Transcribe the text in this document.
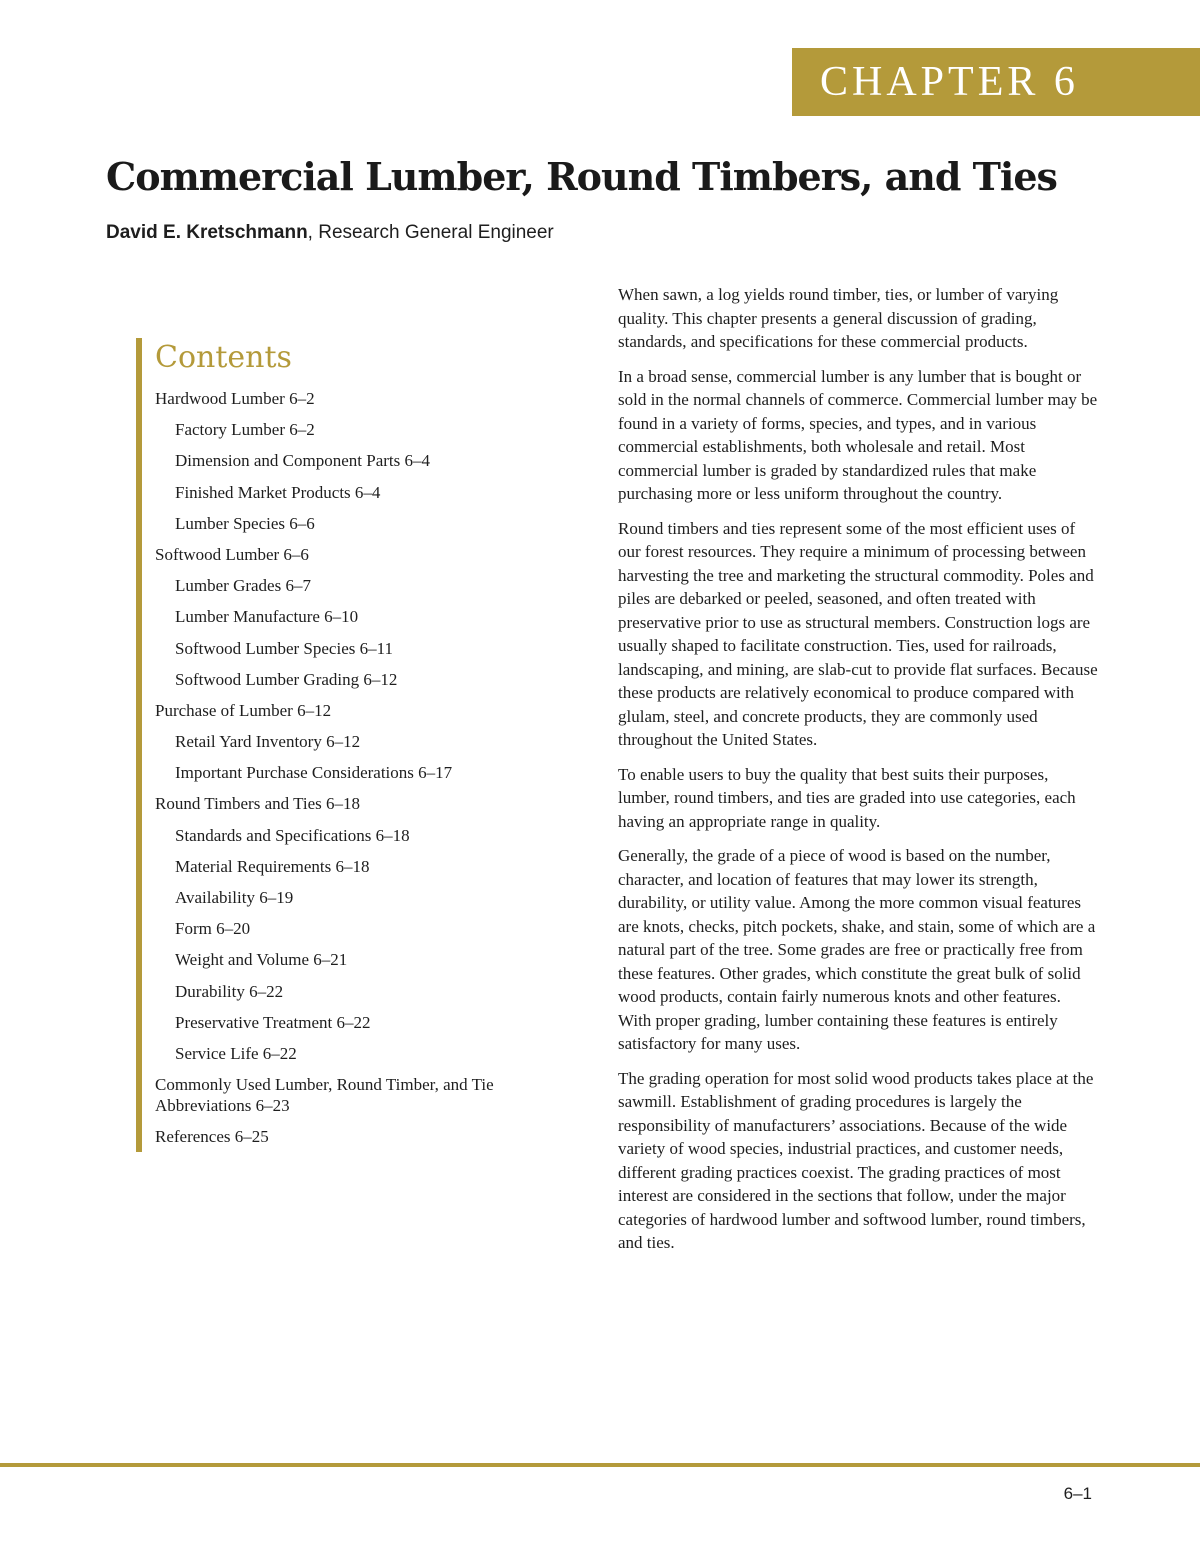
CHAPTER 6
Commercial Lumber, Round Timbers, and Ties
David E. Kretschmann, Research General Engineer
Contents
Hardwood Lumber 6–2
Factory Lumber 6–2
Dimension and Component Parts 6–4
Finished Market Products 6–4
Lumber Species 6–6
Softwood Lumber 6–6
Lumber Grades 6–7
Lumber Manufacture 6–10
Softwood Lumber Species 6–11
Softwood Lumber Grading 6–12
Purchase of Lumber 6–12
Retail Yard Inventory 6–12
Important Purchase Considerations 6–17
Round Timbers and Ties 6–18
Standards and Specifications 6–18
Material Requirements 6–18
Availability 6–19
Form 6–20
Weight and Volume 6–21
Durability 6–22
Preservative Treatment 6–22
Service Life 6–22
Commonly Used Lumber, Round Timber, and Tie Abbreviations 6–23
References 6–25

When sawn, a log yields round timber, ties, or lumber of varying quality. This chapter presents a general discussion of grading, standards, and specifications for these commercial products.

In a broad sense, commercial lumber is any lumber that is bought or sold in the normal channels of commerce. Commercial lumber may be found in a variety of forms, species, and types, and in various commercial establishments, both wholesale and retail. Most commercial lumber is graded by standardized rules that make purchasing more or less uniform throughout the country.

Round timbers and ties represent some of the most efficient uses of our forest resources. They require a minimum of processing between harvesting the tree and marketing the structural commodity. Poles and piles are debarked or peeled, seasoned, and often treated with preservative prior to use as structural members. Construction logs are usually shaped to facilitate construction. Ties, used for railroads, landscaping, and mining, are slab-cut to provide flat surfaces. Because these products are relatively economical to produce compared with glulam, steel, and concrete products, they are commonly used throughout the United States.

To enable users to buy the quality that best suits their purposes, lumber, round timbers, and ties are graded into use categories, each having an appropriate range in quality.

Generally, the grade of a piece of wood is based on the number, character, and location of features that may lower its strength, durability, or utility value. Among the more common visual features are knots, checks, pitch pockets, shake, and stain, some of which are a natural part of the tree. Some grades are free or practically free from these features. Other grades, which constitute the great bulk of solid wood products, contain fairly numerous knots and other features. With proper grading, lumber containing these features is entirely satisfactory for many uses.

The grading operation for most solid wood products takes place at the sawmill. Establishment of grading procedures is largely the responsibility of manufacturers’ associations. Because of the wide variety of wood species, industrial practices, and customer needs, different grading practices coexist. The grading practices of most interest are considered in the sections that follow, under the major categories of hardwood lumber and softwood lumber, round timbers, and ties.

6–1
